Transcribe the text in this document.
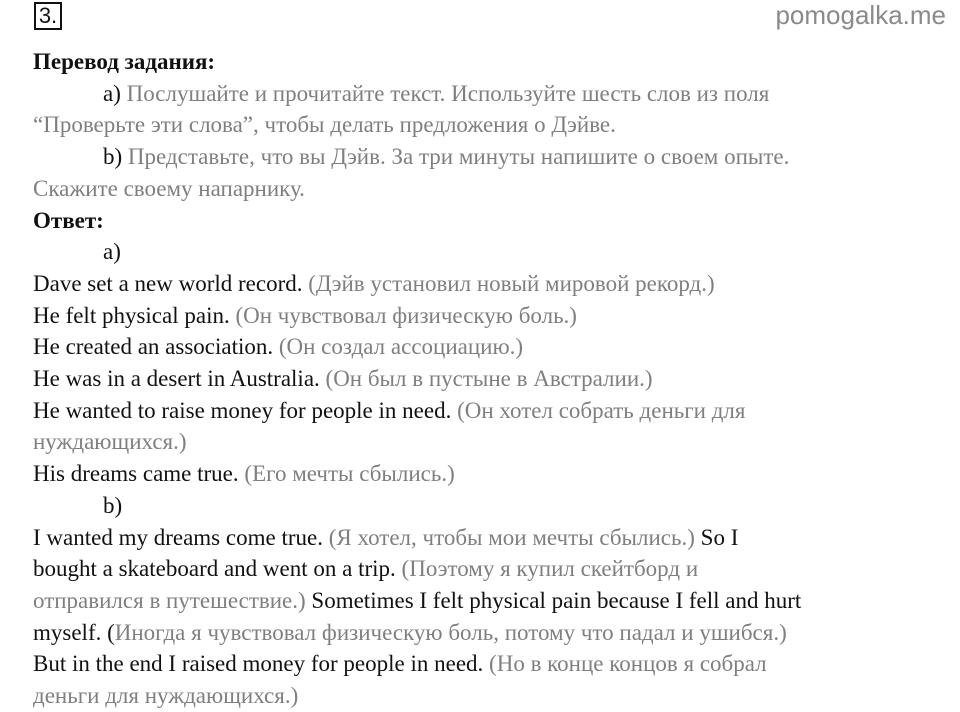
3.	pomogalka.me
Перевод задания:
а) Послушайте и прочитайте текст. Используйте шесть слов из поля
“Проверьте эти слова”, чтобы делать предложения о Дэйве.
b) Представьте, что вы Дэйв. За три минуты напишите о своем опыте.
Скажите своему напарнику.
Ответ:
а)
Dave set a new world record. (Дэйв установил новый мировой рекорд.)
He felt physical pain. (Он чувствовал физическую боль.)
He created an association. (Он создал ассоциацию.)
He was in a desert in Australia. (Он был в пустыне в Австралии.)
He wanted to raise money for people in need. (Он хотел собрать деньги для
нуждающихся.)
His dreams came true. (Его мечты сбылись.)
b)
I wanted my dreams come true. (Я хотел, чтобы мои мечты сбылись.) So I
bought a skateboard and went on a trip. (Поэтому я купил скейтборд и
отправился в путешествие.) Sometimes I felt physical pain because I fell and hurt
myself. (Иногда я чувствовал физическую боль, потому что падал и ушибся.)
But in the end I raised money for people in need. (Но в конце концов я собрал
деньги для нуждающихся.)
